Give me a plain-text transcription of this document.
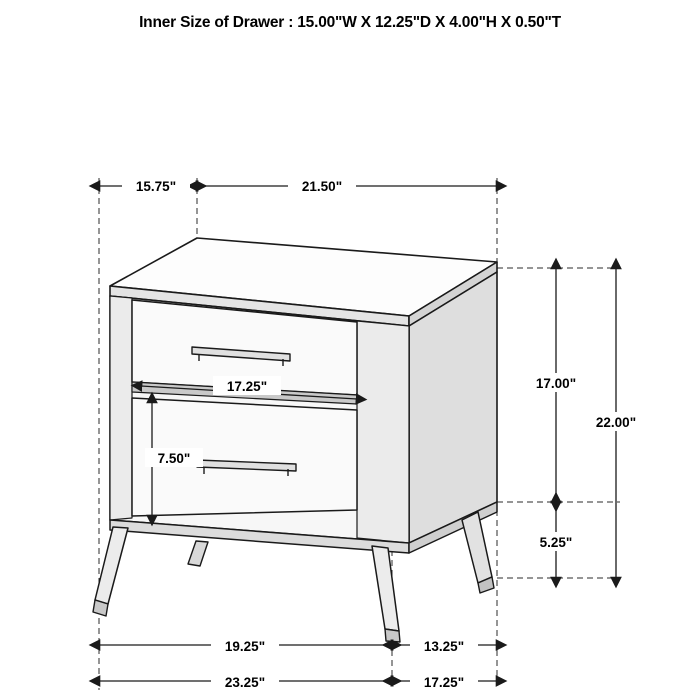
Inner Size of Drawer : 15.00"W X 12.25"D X 4.00"H X 0.50"T
15.75"	21.50"
17.00"
22.00"
5.25"
17.25"
7.50"
19.25"	13.25"
23.25"	17.25"
